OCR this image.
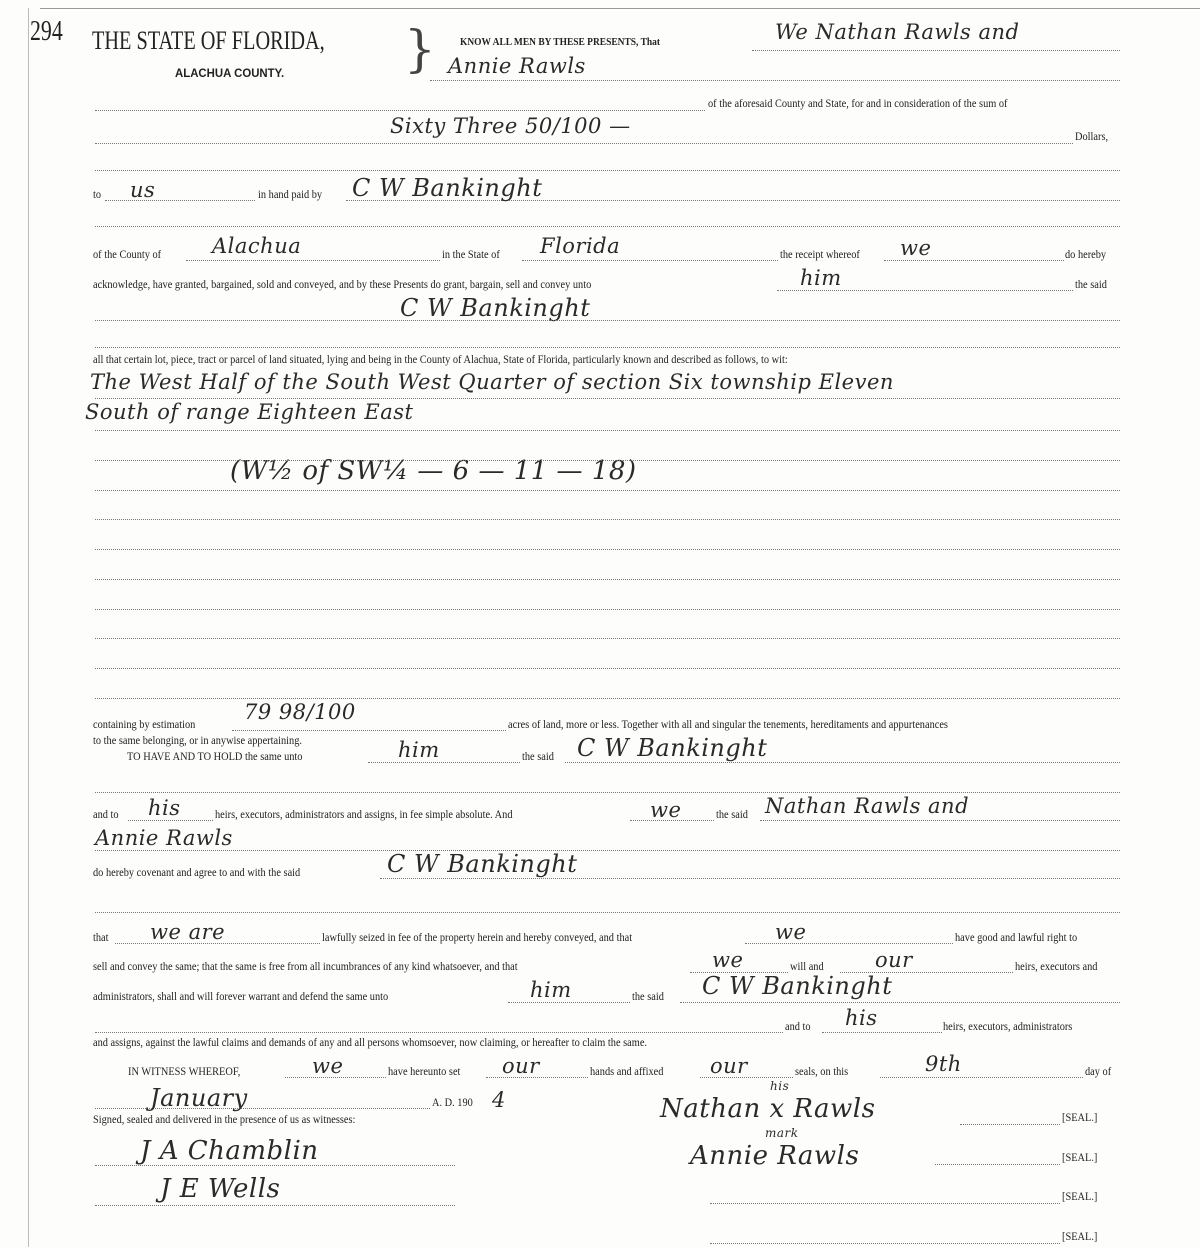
294 THE STATE OF FLORIDA, }
ALACHUA COUNTY.
KNOW ALL MEN BY THESE PRESENTS, That	We Nathan Rawls and
Annie Rawls
of the aforesaid County and State, for and in consideration of the sum of
Sixty Three 50/100 —	Dollars,
to us	in hand paid by C W Bankinght
of the County of Alachua	in the State of Florida	the receipt whereof we	do hereby
acknowledge, have granted, bargained, sold and conveyed, and by these Presents do grant, bargain, sell and convey unto	him	the said
C W Bankinght
all that certain lot, piece, tract or parcel of land situated, lying and being in the County of Alachua, State of Florida, particularly known and described as follows, to wit:
The West Half of the South West Quarter of section Six township Eleven
South of range Eighteen East
(W½ of SW¼ — 6 — 11 — 18)
containing by estimation
79 98/100
acres of land, more or less. Together with all and singular the tenements, hereditaments and appurtenances
to the same belonging, or in anywise appertaining.
TO HAVE AND TO HOLD the same unto	him	the said C W Bankinght
and to his	heirs, executors, administrators and assigns, in fee simple absolute. And	we	the said Nathan Rawls and
Annie Rawls
do hereby covenant and agree to and with the said	C W Bankinght
that we are	lawfully seized in fee of the property herein and hereby conveyed, and that	we	have good and lawful right to
sell and convey the same; that the same is free from all incumbrances of any kind whatsoever, and that	we	will and our	heirs, executors and
administrators, shall and will forever warrant and defend the same unto	him	the said C W Bankinght
and to his	heirs, executors, administrators
and assigns, against the lawful claims and demands of any and all persons whomsoever, now claiming, or hereafter to claim the same.
IN WITNESS WHEREOF,	we	have hereunto set our	hands and affixed our	seals, on this	9th	day of
January	A. D. 190 4
Signed, sealed and delivered in the presence of us as witnesses:
J A Chamblin
J E Wells
Nathan x Rawls
his
mark
Annie Rawls
[SEAL.]
[SEAL.]
[SEAL.]
[SEAL.]
